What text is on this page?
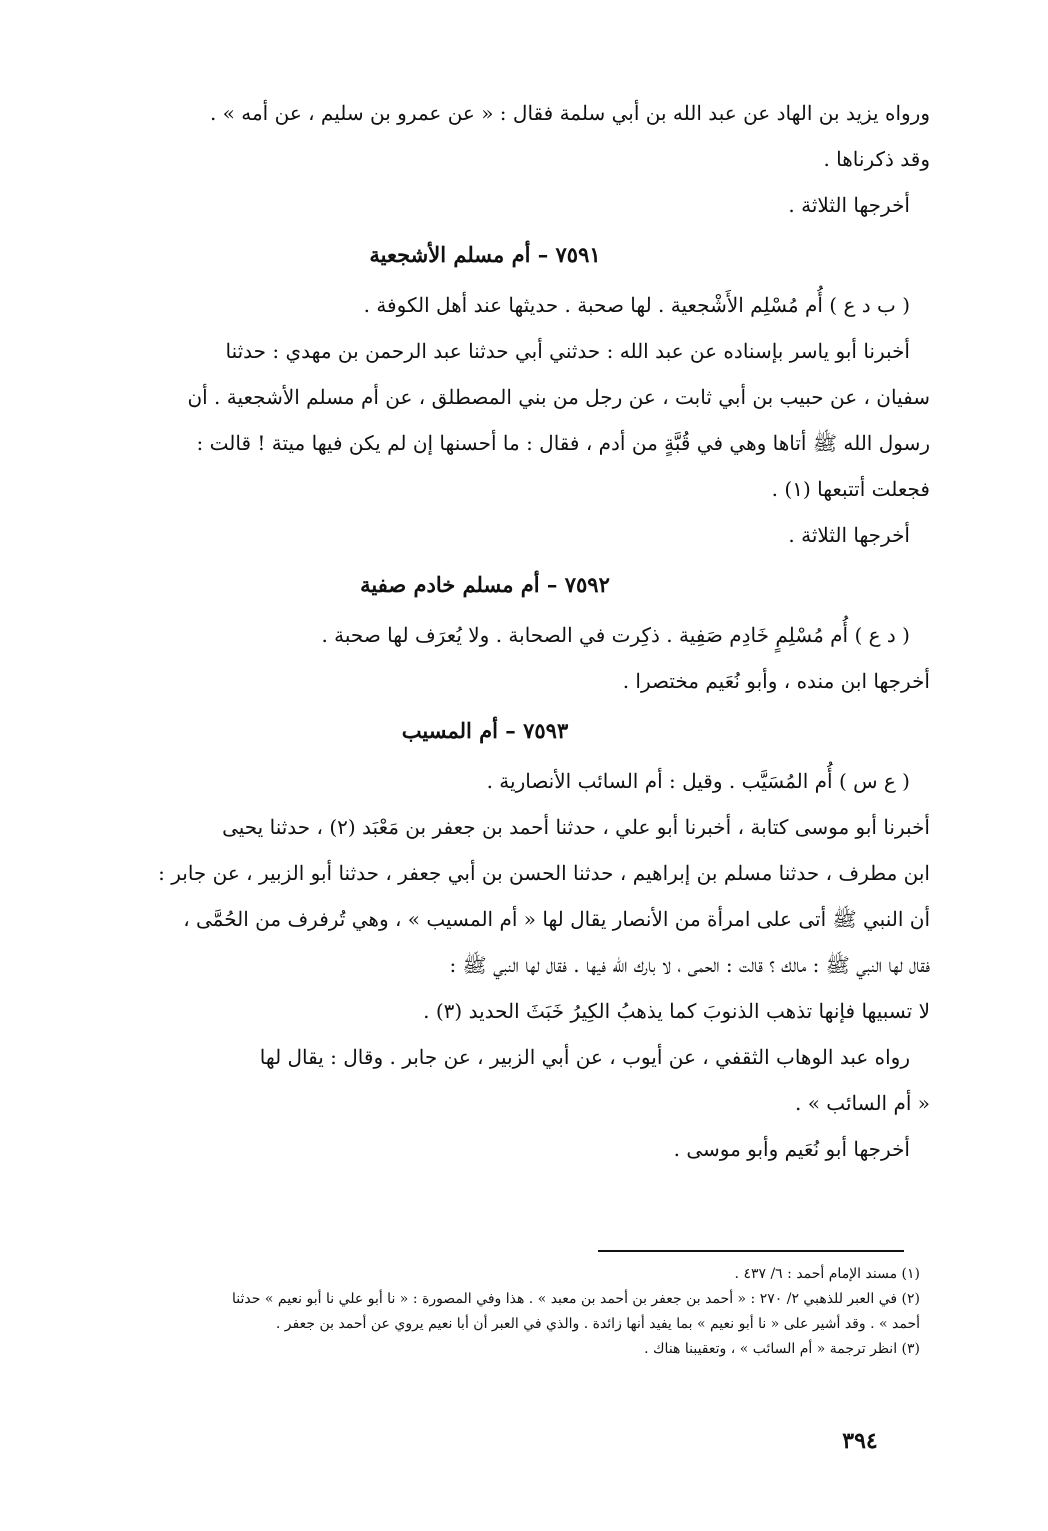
ورواه يزيد بن الهاد عن عبد الله بن أبي سلمة فقال : « عن عمرو بن سليم ، عن أمه » .

وقد ذكرناها .

أخرجها الثلاثة .

٧٥٩١ – أم مسلم الأشجعية

( ب د ع ) أُم مُسْلِم الأَشْجعية . لها صحبة . حديثها عند أهل الكوفة .

أخبرنا أبو ياسر بإسناده عن عبد الله : حدثني أبي حدثنا عبد الرحمن بن مهدي : حدثنا

سفيان ، عن حبيب بن أبي ثابت ، عن رجل من بني المصطلق ، عن أم مسلم الأشجعية . أن

رسول الله ﷺ أتاها وهي في قُبَّةٍ من أدم ، فقال : ما أحسنها إن لم يكن فيها ميتة ! قالت :

فجعلت أتتبعها (١) .

أخرجها الثلاثة .

٧٥٩٢ – أم مسلم خادم صفية

( د ع ) أُم مُسْلِمٍ خَادِم صَفِية . ذكِرت في الصحابة . ولا يُعرَف لها صحبة .

أخرجها ابن منده ، وأبو نُعَيم مختصرا .

٧٥٩٣ – أم المسيب

( ع س ) أُم المُسَيَّب . وقيل : أم السائب الأنصارية .

أخبرنا أبو موسى كتابة ، أخبرنا أبو علي ، حدثنا أحمد بن جعفر بن مَعْبَد (٢) ، حدثنا يحيى

ابن مطرف ، حدثنا مسلم بن إبراهيم ، حدثنا الحسن بن أبي جعفر ، حدثنا أبو الزبير ، عن جابر :

أن النبي ﷺ أتى على امرأة من الأنصار يقال لها « أم المسيب » ، وهي تُرفرف من الحُمَّى ،

فقال لها النبي ﷺ : مالك ؟ قالت : الحمى ، لا بارك الله فيها . فقال لها النبي ﷺ :

لا تسبيها فإنها تذهب الذنوبَ كما يذهبُ الكِيرُ خَبَثَ الحديد (٣) .

رواه عبد الوهاب الثقفي ، عن أيوب ، عن أبي الزبير ، عن جابر . وقال : يقال لها

« أم السائب » .

أخرجها أبو نُعَيم وأبو موسى .

(١) مسند الإمام أحمد : ٦/ ٤٣٧ .

(٢) في العبر للذهبي ٢/ ٢٧٠ : « أحمد بن جعفر بن أحمد بن معبد » . هذا وفي المصورة : « نا أبو علي نا أبو نعيم » حدثنا

أحمد » . وقد أشير على « نا أبو نعيم » بما يفيد أنها زائدة . والذي في العبر أن أبا نعيم يروي عن أحمد بن جعفر .

(٣) انظر ترجمة « أم السائب » ، وتعقيبنا هناك .

٣٩٤
